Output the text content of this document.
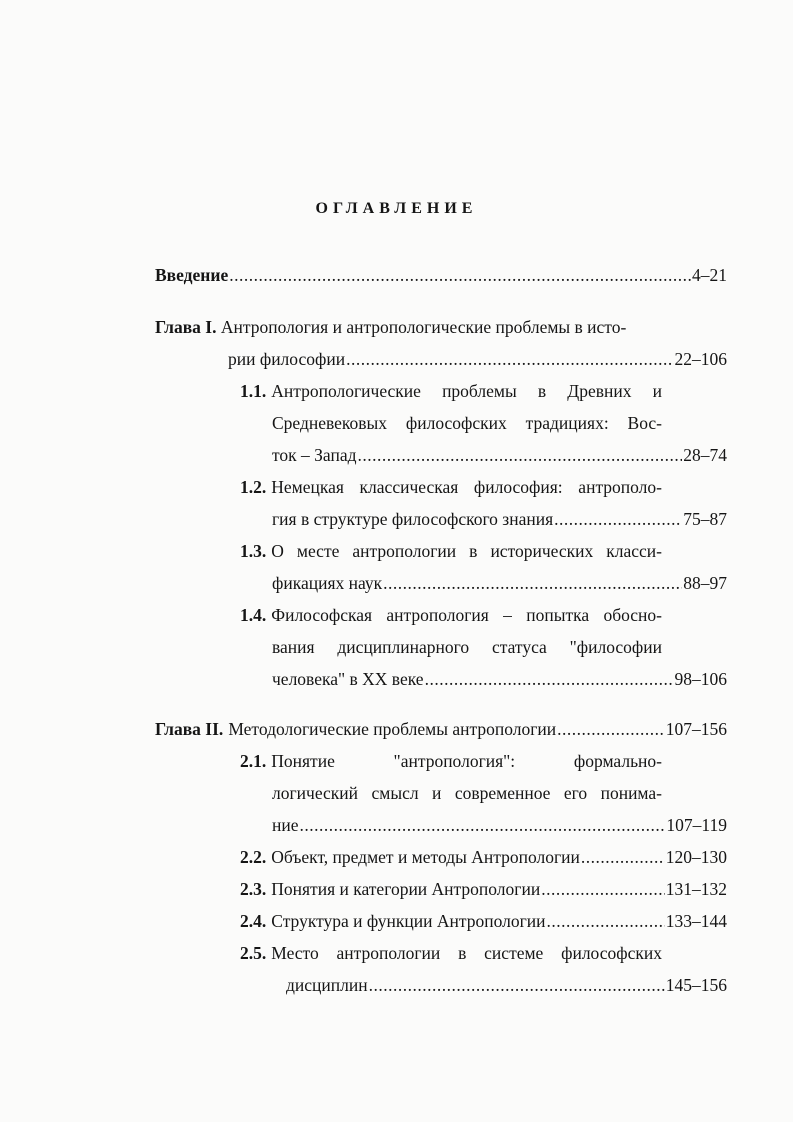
ОГЛАВЛЕНИЕ
Введение .....	4–21
Глава I. Антропология и антропологические проблемы в исто-
рии философии .....	22–106
1.1. Антропологические проблемы в Древних и
Средневековых философских традициях: Вос-
ток – Запад .....	28–74
1.2. Немецкая классическая философия: антрополо-
гия в структуре философского знания .....	75–87
1.3. О месте антропологии в исторических класси-
фикациях наук .....	88–97
1.4. Философская антропология – попытка обосно-
вания дисциплинарного статуса "философии
человека" в XX веке .....	98–106
Глава II. Методологические проблемы антропологии .....	107–156
2.1. Понятие "антропология": формально-
логический смысл и современное его понима-
ние .....	107–119
2.2. Объект, предмет и методы Антропологии .....	120–130
2.3. Понятия и категории Антропологии .....	131–132
2.4. Структура и функции Антропологии .....	133–144
2.5. Место антропологии в системе философских
дисциплин .....	145–156
